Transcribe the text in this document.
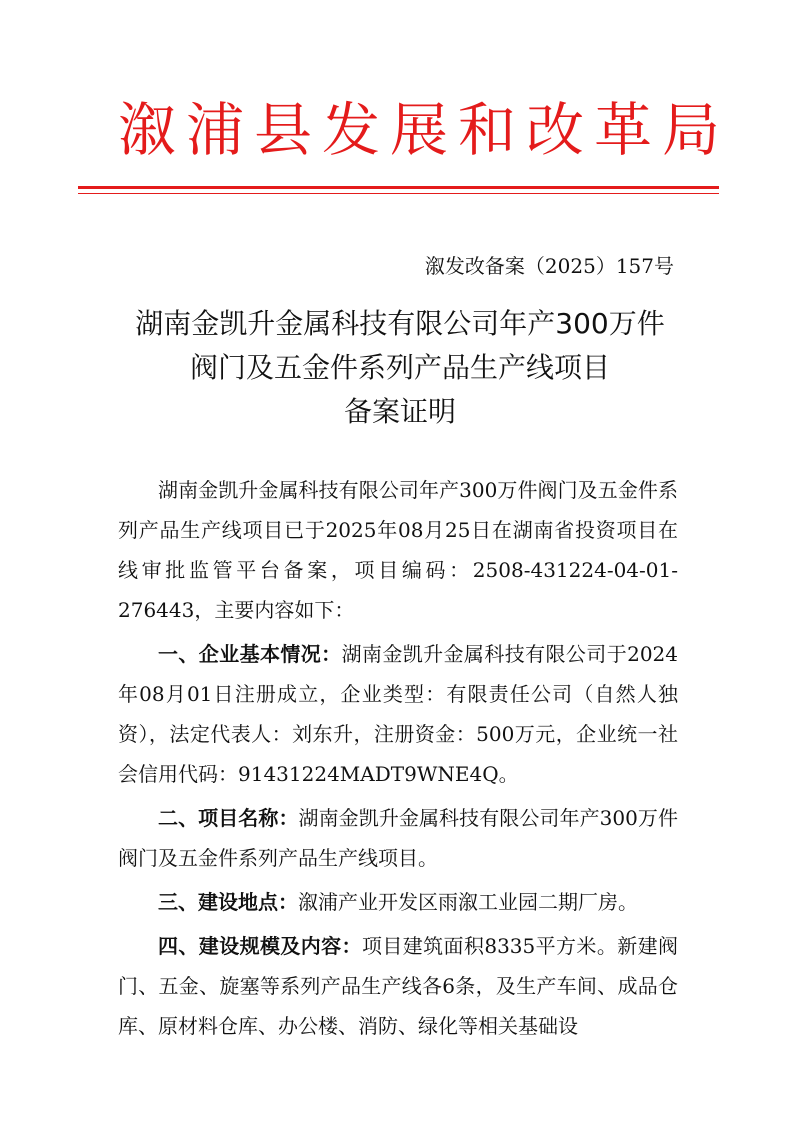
溆浦县发展和改革局
溆发改备案（2025）157号
湖南金凯升金属科技有限公司年产300万件
阀门及五金件系列产品生产线项目
备案证明

湖南金凯升金属科技有限公司年产300万件阀门及五金件系列产品生产线项目已于2025年08月25日在湖南省投资项目在线审批监管平台备案，项目编码：2508-431224-04-01-276443，主要内容如下：

一、企业基本情况：湖南金凯升金属科技有限公司于2024年08月01日注册成立，企业类型：有限责任公司（自然人独资），法定代表人：刘东升，注册资金：500万元，企业统一社会信用代码：91431224MADT9WNE4Q。

二、项目名称：湖南金凯升金属科技有限公司年产300万件阀门及五金件系列产品生产线项目。

三、建设地点：溆浦产业开发区雨溆工业园二期厂房。

四、建设规模及内容：项目建筑面积8335平方米。新建阀门、五金、旋塞等系列产品生产线各6条，及生产车间、成品仓库、原材料仓库、办公楼、消防、绿化等相关基础设
